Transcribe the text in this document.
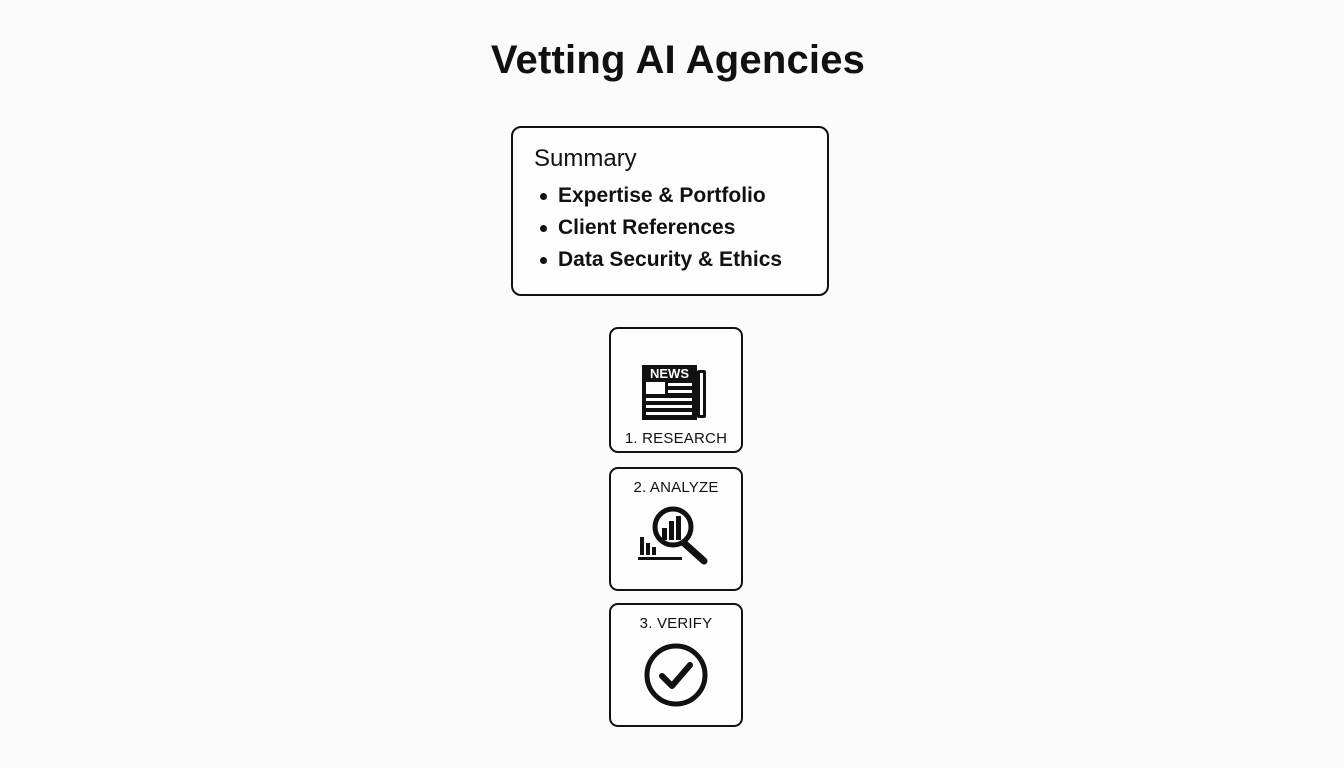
Vetting AI Agencies
Summary
Expertise & Portfolio
Client References
Data Security & Ethics
NEWS
1. RESEARCH
2. ANALYZE
3. VERIFY
